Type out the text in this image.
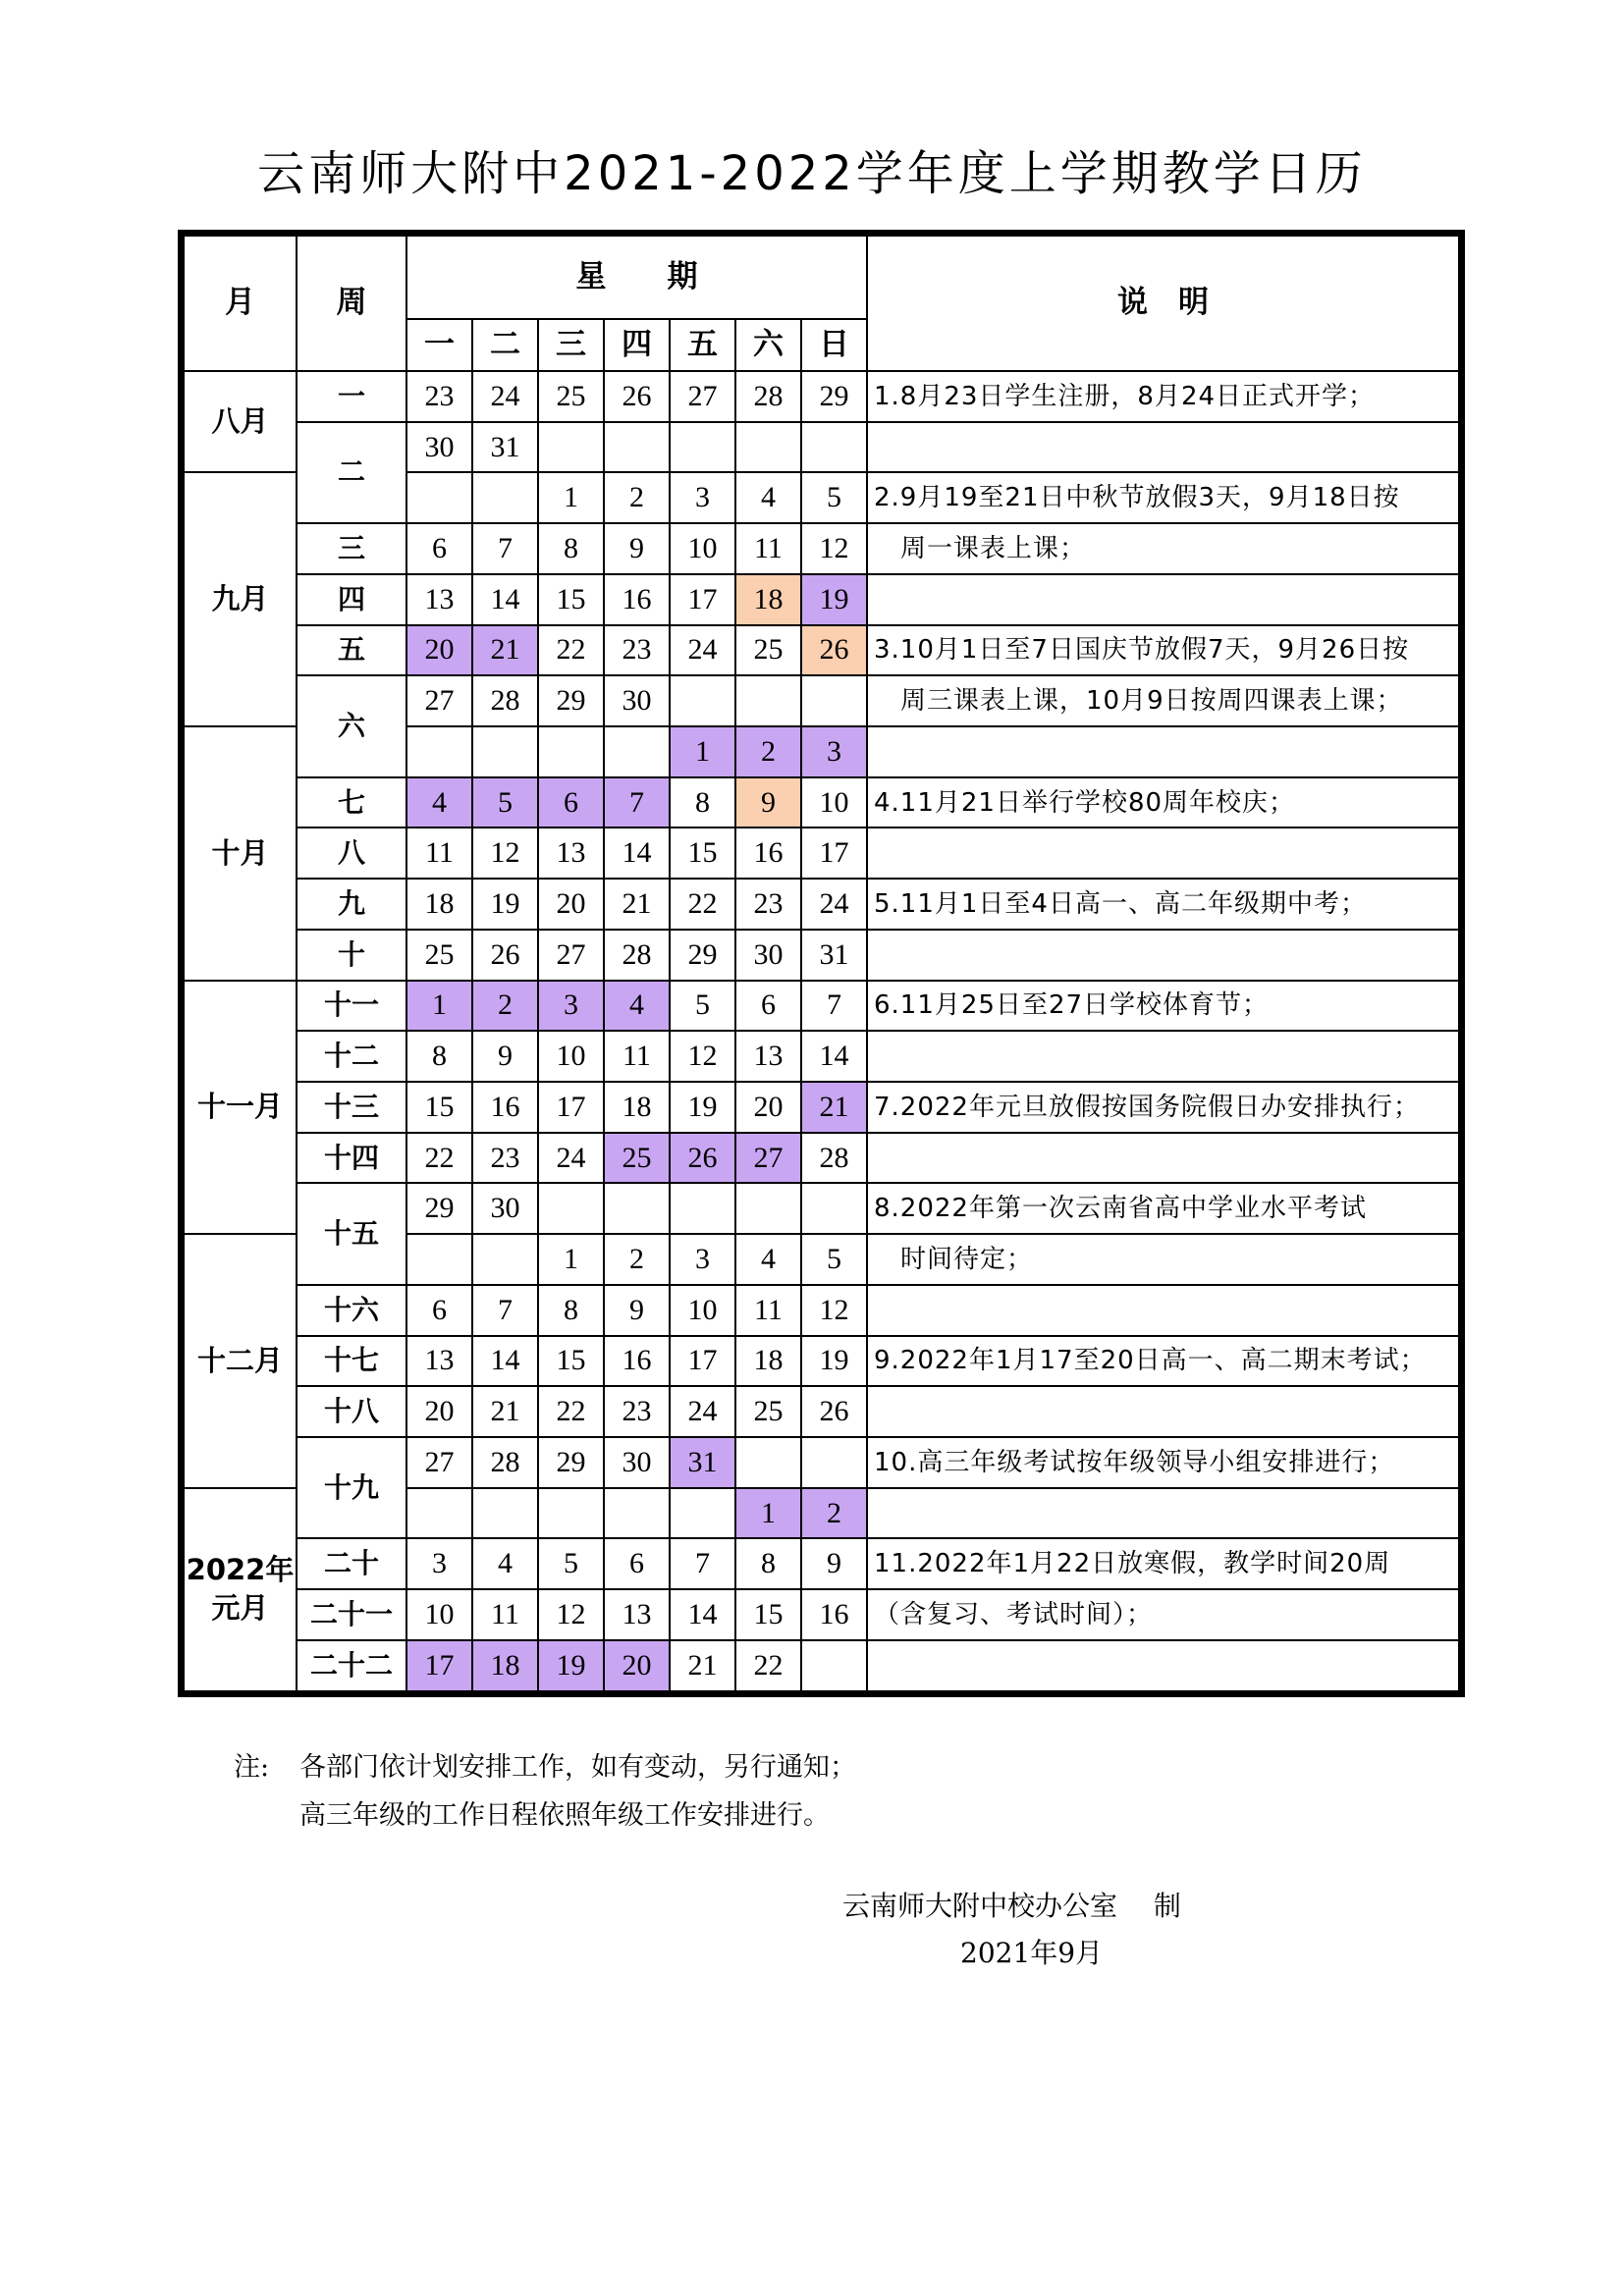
云南师大附中2021-2022学年度上学期教学日历
月	周	星　　期							说　明
		一	二	三	四	五	六	日	
八月	一	23	24	25	26	27	28	29	1.8月23日学生注册，8月24日正式开学；
	二	30	31						
九月				1	2	3	4	5	2.9月19至21日中秋节放假3天，9月18日按
	三	6	7	8	9	10	11	12	　周一课表上课；
	四	13	14	15	16	17	18	19	
	五	20	21	22	23	24	25	26	3.10月1日至7日国庆节放假7天，9月26日按
	六	27	28	29	30				　周三课表上课，10月9日按周四课表上课；
十月						1	2	3	
	七	4	5	6	7	8	9	10	4.11月21日举行学校80周年校庆；
	八	11	12	13	14	15	16	17	
	九	18	19	20	21	22	23	24	5.11月1日至4日高一、高二年级期中考；
	十	25	26	27	28	29	30	31	
十一月	十一	1	2	3	4	5	6	7	6.11月25日至27日学校体育节；
	十二	8	9	10	11	12	13	14	
	十三	15	16	17	18	19	20	21	7.2022年元旦放假按国务院假日办安排执行；
	十四	22	23	24	25	26	27	28	
	十五	29	30						8.2022年第一次云南省高中学业水平考试
十二月				1	2	3	4	5	　时间待定；
	十六	6	7	8	9	10	11	12	
	十七	13	14	15	16	17	18	19	9.2022年1月17至20日高一、高二期末考试；
	十八	20	21	22	23	24	25	26	
	十九	27	28	29	30	31			10.高三年级考试按年级领导小组安排进行；
2022年
元月							1	2	
	二十	3	4	5	6	7	8	9	11.2022年1月22日放寒假，教学时间20周
	二十一	10	11	12	13	14	15	16	（含复习、考试时间）；
	二十二	17	18	19	20	21	22		
注: 各部门依计划安排工作，如有变动，另行通知；
高三年级的工作日程依照年级工作安排进行。
云南师大附中校办公室　 制
2021年9月
